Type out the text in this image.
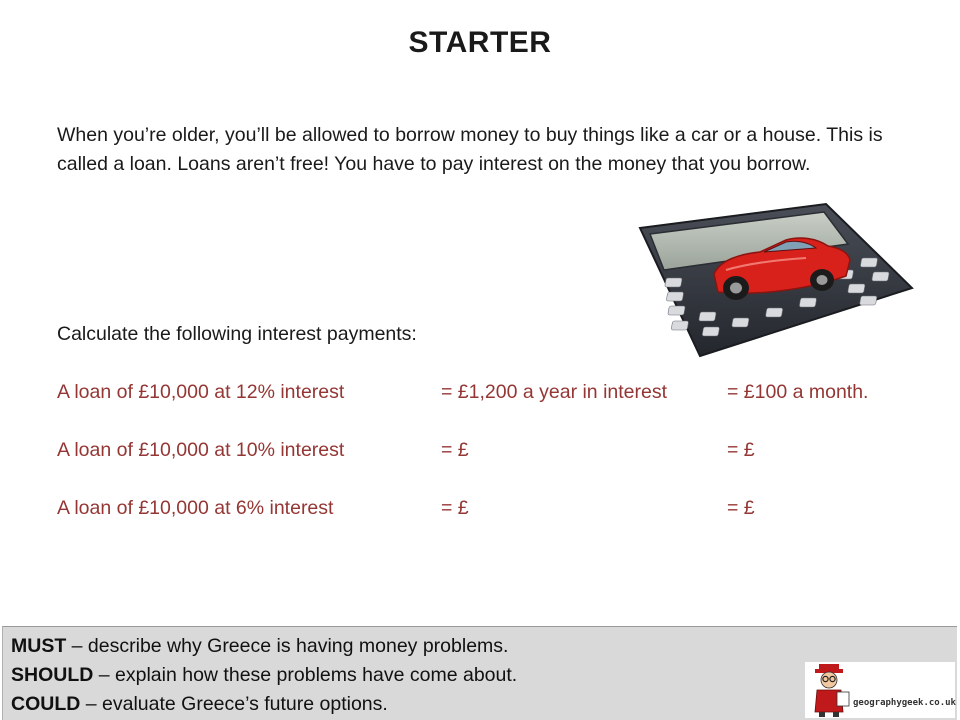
STARTER
When you’re older, you’ll be allowed to borrow money to buy things like a car or a house. This is called a loan. Loans aren’t free! You have to pay interest on the money that you borrow.
Calculate the following interest payments:
A loan of £10,000 at 12% interest	= £1,200 a year in interest	= £100 a month.
A loan of £10,000 at 10% interest	= £	= £
A loan of £10,000 at 6% interest	= £	= £
MUST – describe why Greece is having money problems.
SHOULD – explain how these problems have come about.
COULD – evaluate Greece’s future options.	geographygeek.co.uk
